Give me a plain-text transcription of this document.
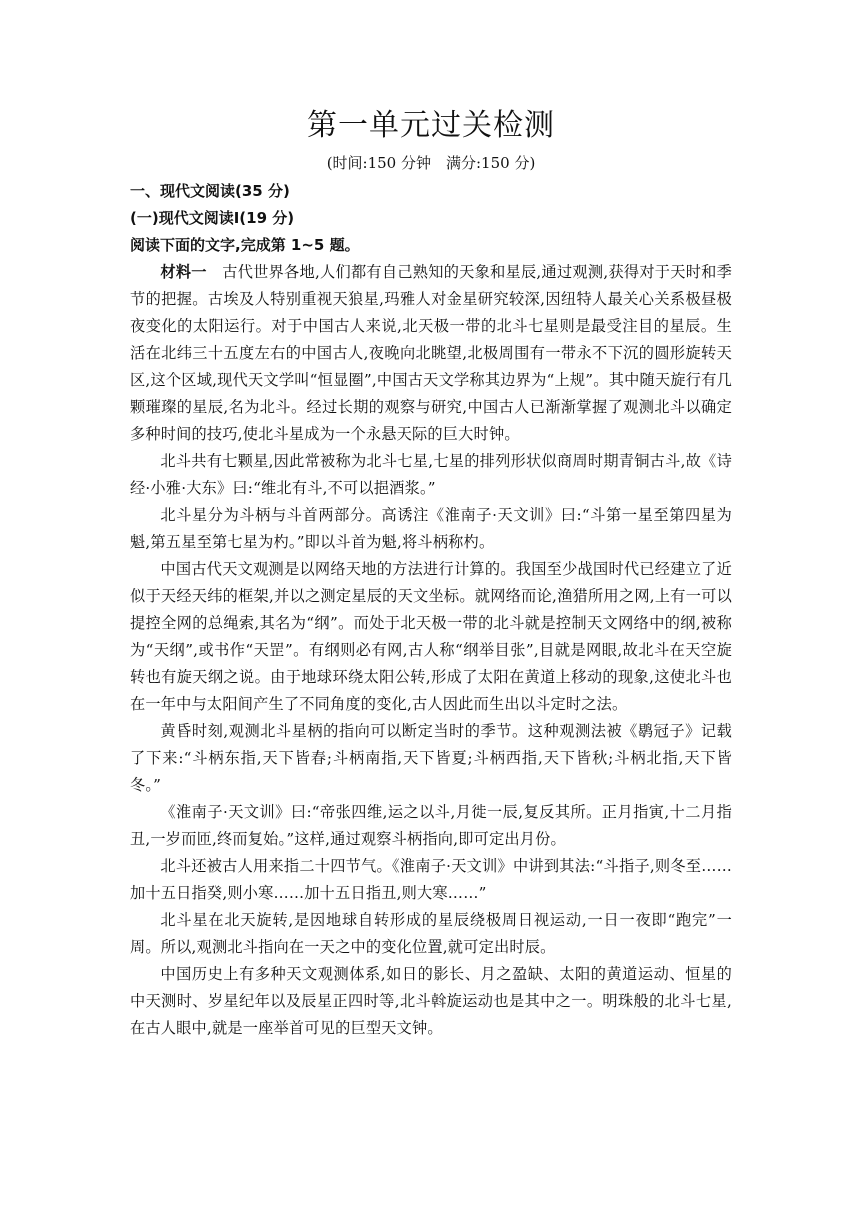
第一单元过关检测
(时间:150 分钟　满分:150 分)
一、现代文阅读(35 分)
(一)现代文阅读Ⅰ(19 分)
阅读下面的文字,完成第 1~5 题。

材料一　 古代世界各地,人们都有自己熟知的天象和星辰,通过观测,获得对于天时和季节的把握。古埃及人特别重视天狼星,玛雅人对金星研究较深,因纽特人最关心关系极昼极夜变化的太阳运行。对于中国古人来说,北天极一带的北斗七星则是最受注目的星辰。生活在北纬三十五度左右的中国古人,夜晚向北眺望,北极周围有一带永不下沉的圆形旋转天区,这个区域,现代天文学叫“恒显圈”,中国古天文学称其边界为“上规”。其中随天旋行有几颗璀璨的星辰,名为北斗。经过长期的观察与研究,中国古人已渐渐掌握了观测北斗以确定多种时间的技巧,使北斗星成为一个永悬天际的巨大时钟。

北斗共有七颗星,因此常被称为北斗七星,七星的排列形状似商周时期青铜古斗,故《诗经·小雅·大东》曰:“维北有斗,不可以挹酒浆。”

北斗星分为斗柄与斗首两部分。高诱注《淮南子·天文训》曰:“斗第一星至第四星为魁,第五星至第七星为杓。”即以斗首为魁,将斗柄称杓。

中国古代天文观测是以网络天地的方法进行计算的。我国至少战国时代已经建立了近似于天经天纬的框架,并以之测定星辰的天文坐标。就网络而论,渔猎所用之网,上有一可以提控全网的总绳索,其名为“纲”。而处于北天极一带的北斗就是控制天文网络中的纲,被称为“天纲”,或书作“天罡”。有纲则必有网,古人称“纲举目张”,目就是网眼,故北斗在天空旋转也有旋天纲之说。由于地球环绕太阳公转,形成了太阳在黄道上移动的现象,这使北斗也在一年中与太阳间产生了不同角度的变化,古人因此而生出以斗定时之法。

黄昏时刻,观测北斗星柄的指向可以断定当时的季节。这种观测法被《鹖冠子》记载了下来:“斗柄东指,天下皆春;斗柄南指,天下皆夏;斗柄西指,天下皆秋;斗柄北指,天下皆冬。”

《淮南子·天文训》曰:“帝张四维,运之以斗,月徙一辰,复反其所。正月指寅,十二月指丑,一岁而匝,终而复始。”这样,通过观察斗柄指向,即可定出月份。

北斗还被古人用来指二十四节气。《淮南子·天文训》中讲到其法:“斗指子,则冬至……加十五日指癸,则小寒……加十五日指丑,则大寒……”

北斗星在北天旋转,是因地球自转形成的星辰绕极周日视运动,一日一夜即“跑完”一周。所以,观测北斗指向在一天之中的变化位置,就可定出时辰。

中国历史上有多种天文观测体系,如日的影长、月之盈缺、太阳的黄道运动、恒星的中天测时、岁星纪年以及辰星正四时等,北斗斡旋运动也是其中之一。明珠般的北斗七星,在古人眼中,就是一座举首可见的巨型天文钟。
